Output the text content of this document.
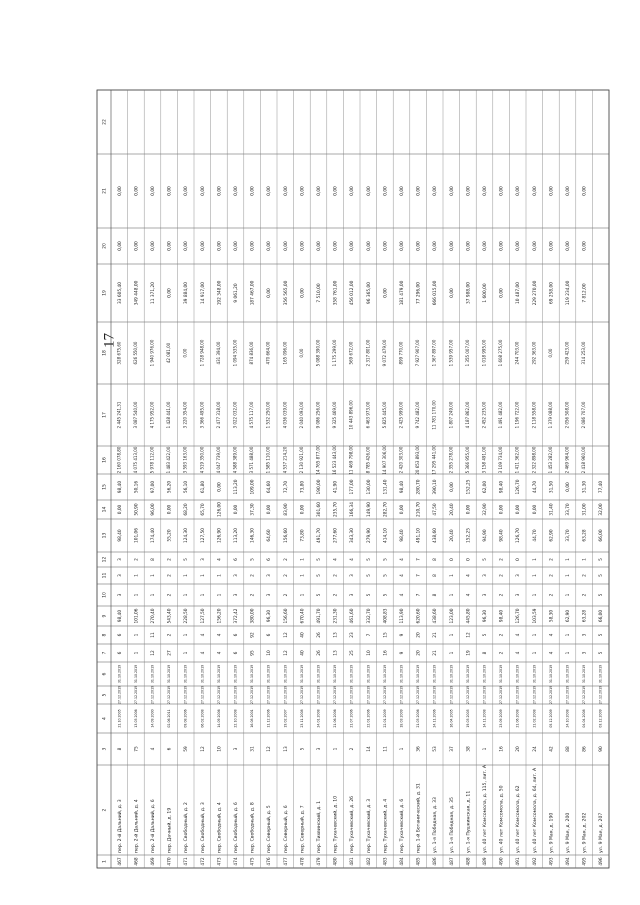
17
1
2
3
4
5
6
7
8
9
10
11
12
13
14
15
16
17
18
19
20
21
22
467
пер. 2-й Дальний, д. 3
8
21.10.2005
27.12.2019
31.10.2019
6
6
98,40
3
3
3
98,40
0,00
98,40
2 160 078,80
2 445 241,31
328 675,60
33 605,40
0,00
0,00
468
пер. 2-й Дальний, д. 4
75
13.03.2006
27.12.2019
31.10.2019
1
1
101,06
1
1
2
101,06
50,90
50,16
4 075 413,00
3 087 540,00
626 550,00
349 448,00
0,00
0,00
469
пер. 2-й Дальний, д. 6
4
14.09.2000
27.12.2019
31.10.2019
12
11
270,40
1
1
8
174,40
96,00
97,00
5 978 112,00
4 175 952,00
1 940 976,00
11 371,20
0,00
0,00
470
пер. Дачный, д. 19
6
02.06.2011
27.12.2019
31.10.2019
27
2
543,40
2
2
2
55,20
0,00
56,20
1 483 422,00
1 428 441,00
42 081,00
0,00
0,00
0,00
471
пер. Свободный, д. 2
59
09.08.2006
27.12.2019
31.10.2019
1
1
228,50
1
1
5
124,30
68,20
56,10
3 593 163,00
3 220 354,00
0,00
39 884,00
0,00
0,00
472
пер. Свободный, д. 3
12
06.02.2008
27.12.2019
31.10.2019
4
4
127,50
1
1
3
127,50
65,70
61,80
4 519 350,00
3 366 495,00
1 728 948,00
14 917,00
0,00
0,00
473
пер. Свободный, д. 4
10
14.09.2006
27.12.2019
31.10.2019
4
4
156,20
1
1
4
126,90
126,00
0,00
4 047 739,00
2 477 318,00
431 394,00
192 348,00
0,00
0,00
474
пер. Свободный, д. 6
3
22.10.2008
27.12.2019
31.10.2019
6
6
372,42
3
3
6
113,20
0,00
113,20
4 588 389,00
3 022 032,00
1 094 535,00
9 061,20
0,00
0,00
475
пер. Свободный, д. 8
31
16.08.2001
27.12.2019
31.10.2019
95
92
380,00
2
2
5
146,30
37,30
109,00
3 571 488,00
4 575 117,00
874 836,00
187 467,00
0,00
0,00
476
пер. Северный, д. 5
12
11.12.2006
27.12.2019
31.10.2019
10
6
96,30
3
3
6
64,60
0,00
64,60
1 585 110,00
1 532 250,00
470 664,00
0,00
0,00
0,00
477
пер. Северный, д. 6
13
19.02.2007
27.12.2019
31.10.2019
12
12
156,60
2
2
2
156,60
83,90
72,70
4 537 214,20
4 036 039,00
165 096,00
356 565,00
0,00
0,00
478
пер. Северный, д. 7
5
23.11.2008
27.12.2019
31.10.2019
40
40
670,40
1
1
1
73,80
0,00
73,80
2 130 921,00
2 040 093,00
0,00
0,00
0,00
0,00
479
пер. Тихвинский, д. 1
3
24.01.2008
27.12.2019
31.10.2019
26
26
491,70
5
5
5
491,70
301,60
190,00
14 765 877,00
9 086 256,00
5 088 390,00
7 510,00
0,00
0,00
480
пер. Тухачевский, д. 10
1
21.06.2006
27.12.2019
31.10.2019
13
13
231,30
2
2
4
277,60
235,70
41,90
16 523 443,00
9 325 469,00
1 175 299,00
358 761,00
0,00
0,00
481
пер. Тухачевский, д. 2б
2
21.07.2006
27.12.2019
31.10.2019
25
23
461,60
3
3
4
343,30
166,34
177,00
11 469 798,00
10 443 896,00
569 672,00
456 012,00
0,00
0,00
482
пер. Тухачевский, д. 3
14
22.01.2006
27.12.2019
31.10.2019
10
7
332,70
5
5
5
279,90
149,90
130,00
8 785 426,00
6 463 973,00
2 317 801,00
96 365,00
0,00
0,00
483
пер. Тухачевский, д. 4
11
22.01.2009
27.12.2019
31.10.2019
16
15
408,83
5
5
5
414,10
282,70
131,40
14 907 306,00
5 825 445,00
9 072 479,00
0,00
0,00
0,00
484
пер. Тухачевский, д. 6
1
18.03.2009
27.12.2019
31.10.2019
9
9
113,90
4
4
4
98,40
0,00
98,40
2 420 303,00
2 425 999,00
899 770,00
181 479,00
0,00
0,00
485
пер. 1-й Ботанический, д. 31
36
21.03.2006
27.12.2019
31.10.2019
20
20
620,60
7
7
7
491,10
210,70
280,70
20 653 893,00
9 742 482,00
7 927 907,00
77 296,00
0,00
0,00
486
ул. 1-я Победная, д. 33
53
24.11.2006
27.12.2019
31.10.2019
21
21
438,60
8
8
8
438,60
47,50
390,10
17 295 441,00
11 781 170,00
1 367 897,00
666 015,00
0,00
0,00
487
ул. 1-я Победная, д. 35
37
16.04.2005
27.12.2019
31.10.2019
1
1
123,00
1
1
0
20,40
20,40
0,00
2 355 278,00
1 807 249,00
1 539 957,00
0,00
0,00
0,00
488
ул. 1-я Пушкинская, д. 11
38
19.03.2005
27.12.2019
31.10.2019
19
12
445,80
4
4
0
152,25
0,00
152,25
5 366 955,00
4 187 862,00
1 355 007,00
37 988,00
0,00
0,00
489
ул. 40 лет Комсомола, д. 115, лит. А
1
14.11.2008
27.12.2019
31.10.2019
8
5
96,30
3
3
5
94,90
32,90
62,00
3 158 491,00
2 452 235,00
1 018 995,00
1 600,00
0,00
0,00
490
ул. 40 лет Комсомола, д. 50
16
23.09.2009
27.12.2019
31.10.2019
2
2
98,40
2
2
2
98,40
0,00
98,40
3 109 734,00
1 491 482,00
1 608 275,00
0,00
0,00
0,00
491
ул. 40 лет Комсомола, д. 62
20
21.06.2008
27.12.2019
31.10.2019
4
4
126,70
3
3
0
126,70
0,00
126,70
1 411 362,00
1 196 722,00
244 703,00
10 487,00
0,00
0,00
492
ул. 40 лет Комсомола, д. 64, лит. А
24
21.02.2008
27.12.2019
31.10.2019
1
1
103,59
1
1
1
44,70
0,00
44,70
2 322 898,00
2 118 558,00
292 363,00
229 270,00
0,00
0,00
493
ул. 9 Мая, д. 190
42
05.12.2009
27.12.2019
31.10.2019
4
4
58,30
2
2
2
62,90
31,40
31,50
1 453 282,00
1 379 088,00
0,00
69 258,00
0,00
0,00
494
ул. 9 Мая, д. 200
88
24.10.2008
27.12.2019
31.10.2019
1
1
62,90
1
1
1
33,70
33,70
0,00
2 469 964,00
2 056 508,00
259 423,00
119 234,00
0,00
0,00
495
ул. 9 Мая, д. 202
86
04.04.2008
27.12.2019
31.10.2019
3
3
63,28
2
2
1
63,28
31,00
31,30
2 418 960,00
2 086 707,00
314 253,00
7 812,00
0,00
0,00
496
ул. 9 Мая, д. 207
90
03.12.2009
27.12.2019
31.10.2019
5
5
66,00
5
5
5
66,00
32,00
77,40
